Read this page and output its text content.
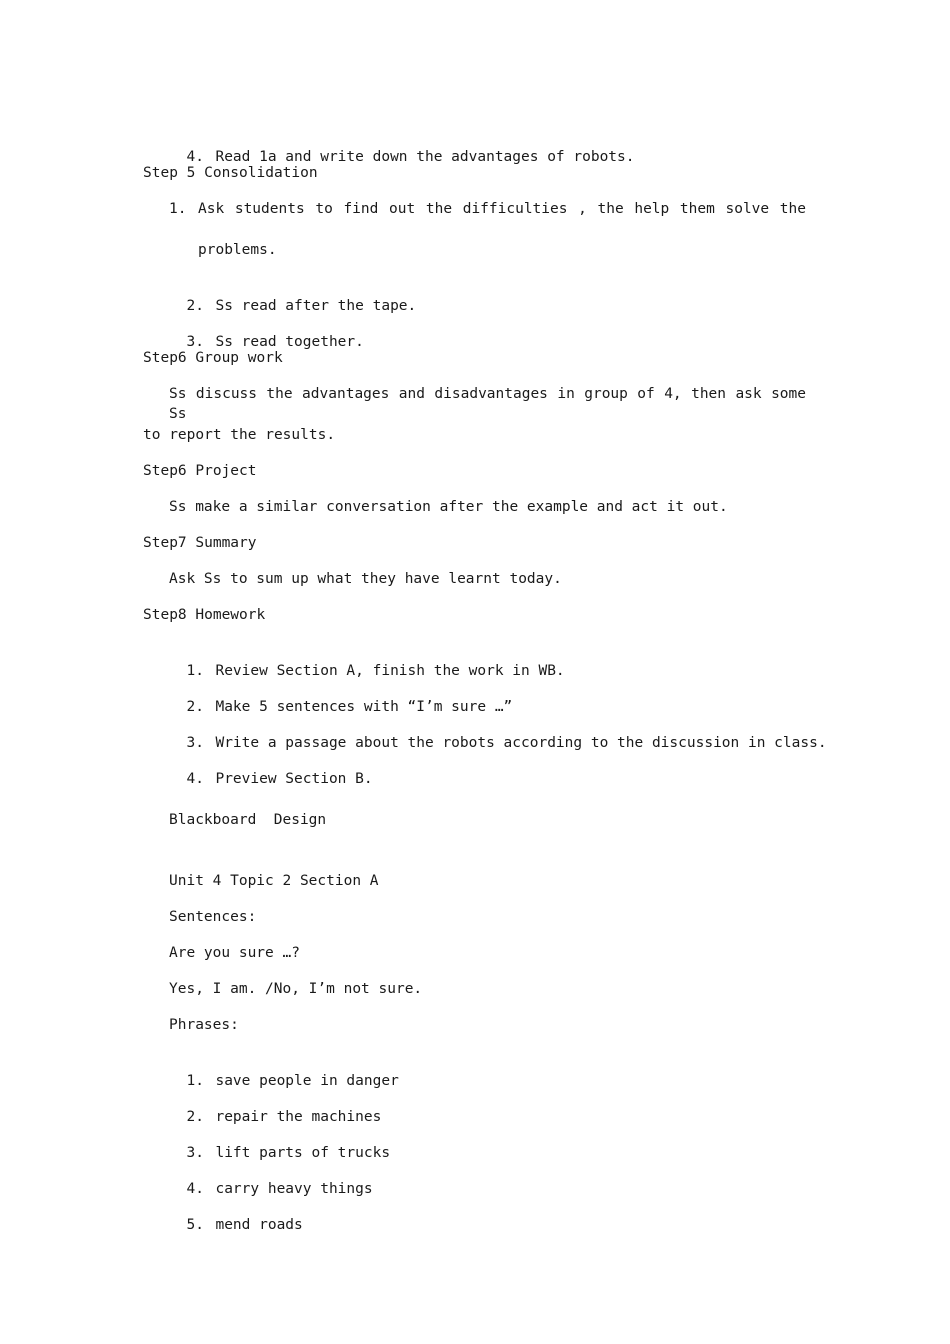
4. Read 1a and write down the advantages of robots.

Step 5 Consolidation
1. Ask students to find out the difficulties , the help them solve the
problems.

2. Ss read after the tape.

3. Ss read together.

Step6 Group work
Ss discuss the advantages and disadvantages in group of 4, then ask some Ss
to report the results.
Step6 Project
Ss make a similar conversation after the example and act it out.
Step7 Summary
Ask Ss to sum up what they have learnt today.
Step8 Homework

1. Review Section A, finish the work in WB.

2. Make 5 sentences with “I’m sure …”

3. Write a passage about the robots according to the discussion in class.

4. Preview Section B.

Blackboard  Design
Unit 4 Topic 2 Section A
Sentences:
Are you sure …?
Yes, I am. /No, I’m not sure.
Phrases:

1. save people in danger

2. repair the machines

3. lift parts of trucks

4. carry heavy things

5. mend roads
